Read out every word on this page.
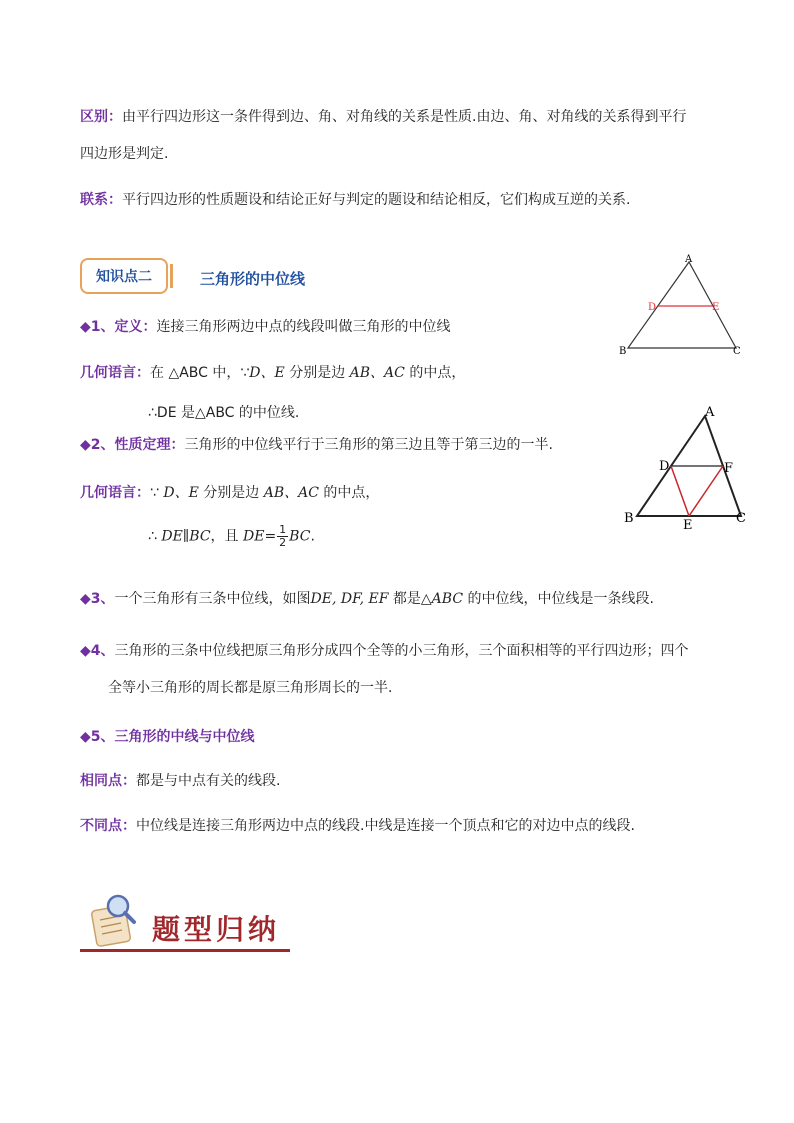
区别：由平行四边形这一条件得到边、角、对角线的关系是性质.由边、角、对角线的关系得到平行
四边形是判定.
联系：平行四边形的性质题设和结论正好与判定的题设和结论相反，它们构成互逆的关系.
知识点二	三角形的中位线
A
B	C
D	E
◆1、定义：连接三角形两边中点的线段叫做三角形的中位线
几何语言：在 △ABC 中，∵D、E 分别是边 AB、AC 的中点，
∴DE 是△ABC 的中位线.	A
B	C
D	F
E
◆2、性质定理：三角形的中位线平行于三角形的第三边且等于第三边的一半.
几何语言：∵ D、E 分别是边 AB、AC 的中点，
∴ DE∥BC，且 $DE= \frac{1}{2}$ BC.
◆3、一个三角形有三条中位线，如图DE, DF, EF 都是△ABC 的中位线，中位线是一条线段.
◆4、三角形的三条中位线把原三角形分成四个全等的小三角形，三个面积相等的平行四边形；四个
全等小三角形的周长都是原三角形周长的一半.
◆5、三角形的中线与中位线
相同点：都是与中点有关的线段.
不同点：中位线是连接三角形两边中点的线段.中线是连接一个顶点和它的对边中点的线段.
题型归纳
